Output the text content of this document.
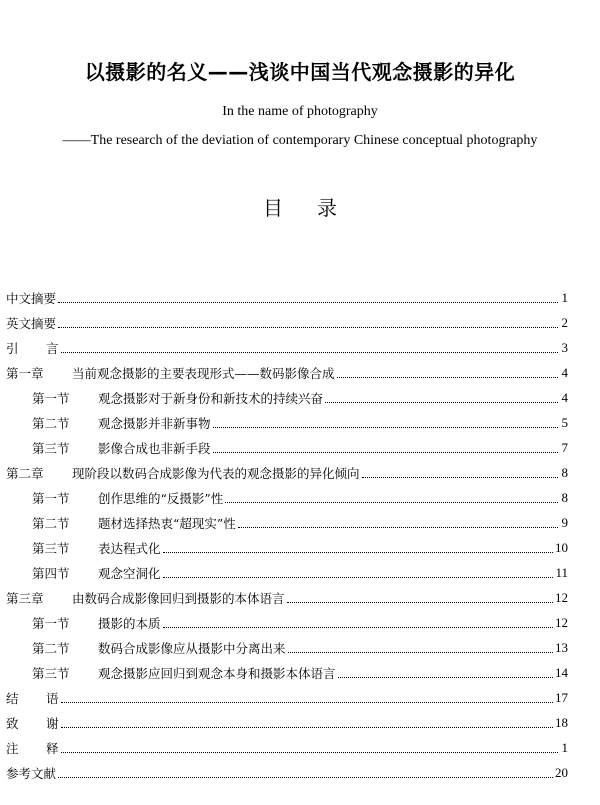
以摄影的名义——浅谈中国当代观念摄影的异化
In the name of photography
——The research of the deviation of contemporary Chinese conceptual photography
目 录
中文摘要	1
英文摘要	2
引	言	3
第一章	当前观念摄影的主要表现形式——数码影像合成	4
第一节	观念摄影对于新身份和新技术的持续兴奋	4
第二节	观念摄影并非新事物	5
第三节	影像合成也非新手段	7
第二章	现阶段以数码合成影像为代表的观念摄影的异化倾向	8
第一节	创作思维的“反摄影”性	8
第二节	题材选择热衷“超现实”性	9
第三节	表达程式化	10
第四节	观念空洞化	11
第三章	由数码合成影像回归到摄影的本体语言	12
第一节	摄影的本质	12
第二节	数码合成影像应从摄影中分离出来	13
第三节	观念摄影应回归到观念本身和摄影本体语言	14
结	语	17
致	谢	18
注	释	1
参考文献	20
